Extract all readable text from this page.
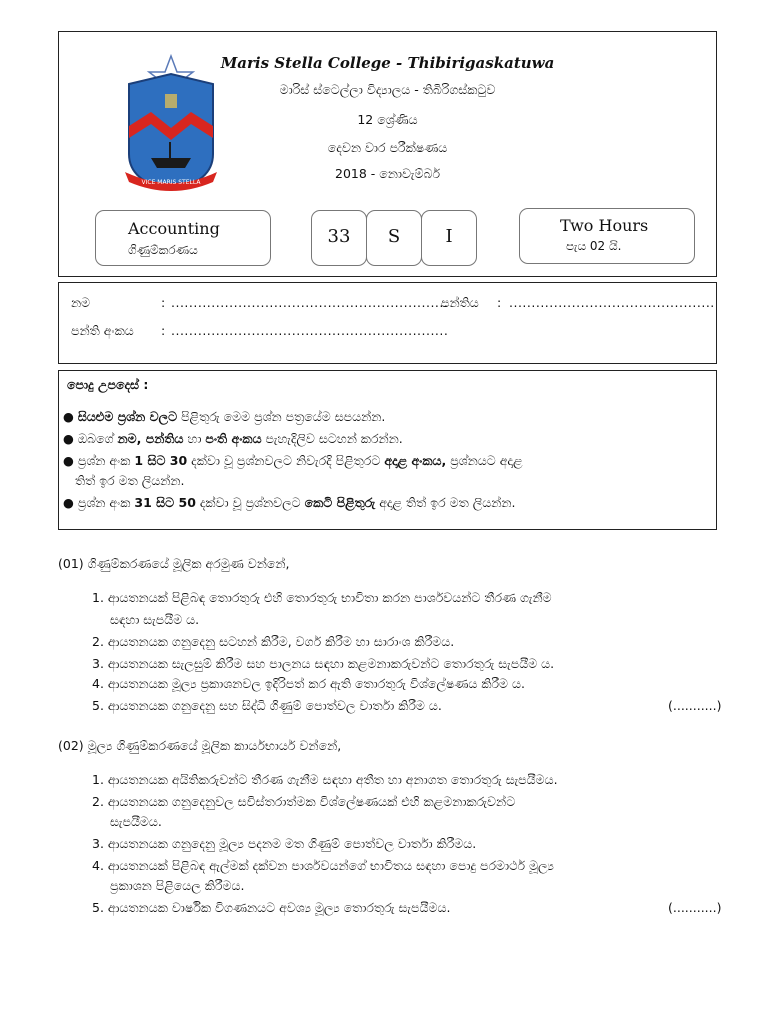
VICE MARIS STELLA
Maris Stella College - Thibirigaskatuwa
මාරිස් ස්ටෙල්ලා විද්‍යාලය - තිබිරිගස්කටුව
12 ශ්‍රේණිය
දෙවන වාර පරීක්ෂණය
2018 - නොවැම්බර්
Accounting
ගිණුම්කරණය
33	S	I
Two Hours
පැය 02 යි.
නම	: ..............................................................
පන්තිය : ..............................................
පන්ති අංකය : ..............................................................
පොදු උපදෙස් :
● සියළුම ප්‍රශ්න වලට පිළිතුරු මෙම ප්‍රශ්න පත්‍රයේම සපයන්න.
● ඔබගේ නම, පන්තිය හා පංති අංකය පැහැදිලිව සටහන් කරන්න.
● ප්‍රශ්න අංක 1 සිට 30 දක්වා වූ ප්‍රශ්නවලට නිවැරදි පිළිතුරට අදාළ අංකය, ප්‍රශ්නයට අදාළ
තිත් ඉර මත ලියන්න.
● ප්‍රශ්න අංක 31 සිට 50 දක්වා වූ ප්‍රශ්නවලට කෙටි පිළිතුරු අදාළ තිත් ඉර මත ලියන්න.
(01) ගිණුම්කරණයේ මූලික අරමුණ වන්නේ,
1. ආයතනයක් පිළිබඳ තොරතුරු එහි තොරතුරු භාවිතා කරන පාර්ශවයන්ට තීරණ ගැනීම
සඳහා සැපයීම ය.
2. ආයතනයක ගනුදෙනු සටහන් කිරීම, වර්ග කිරීම හා සාරාංශ කිරීමය.
3. ආයතනයක සැලසුම් කිරීම සහ පාලනය සඳහා කළමනාකරුවන්ට තොරතුරු සැපයීම ය.
4. ආයතනයක මූල්‍ය ප්‍රකාශනවල ඉදිරිපත් කර ඇති තොරතුරු විශ්ලේෂණය කිරීම ය.
5. ආයතනයක ගනුදෙනු සහ සිද්ධි ගිණුම් පොත්වල වාර්තා කිරීම ය.	(...........)
(02) මූල්‍ය ගිණුම්කරණයේ මූලික කාර්යභාර්ය වන්නේ,
1. ආයතනයක අයිතිකරුවන්ට තීරණ ගැනීම සඳහා අතීත හා අනාගත තොරතුරු සැපයීමය.
2. ආයතනයක ගනුදෙනුවල සවිස්තරාත්මක විශ්ලේෂණයක් එහි කළමනාකරුවන්ට
සැපයීමය.
3. ආයතනයක ගනුදෙනු මූල්‍ය පදනම මත ගිණුම් පොත්වල වාර්තා කිරීමය.
4. ආයතනයක් පිළිබඳ ඇල්මක් දක්වන පාර්ශවයන්ගේ භාවිතය සඳහා පොදු පරමාර්ථ මූල්‍ය
ප්‍රකාශන පිළියෙල කිරීමය.
5. ආයතනයක වාර්ෂික විගණනයට අවශ්‍ය මූල්‍ය තොරතුරු සැපයීමය.	(...........)
